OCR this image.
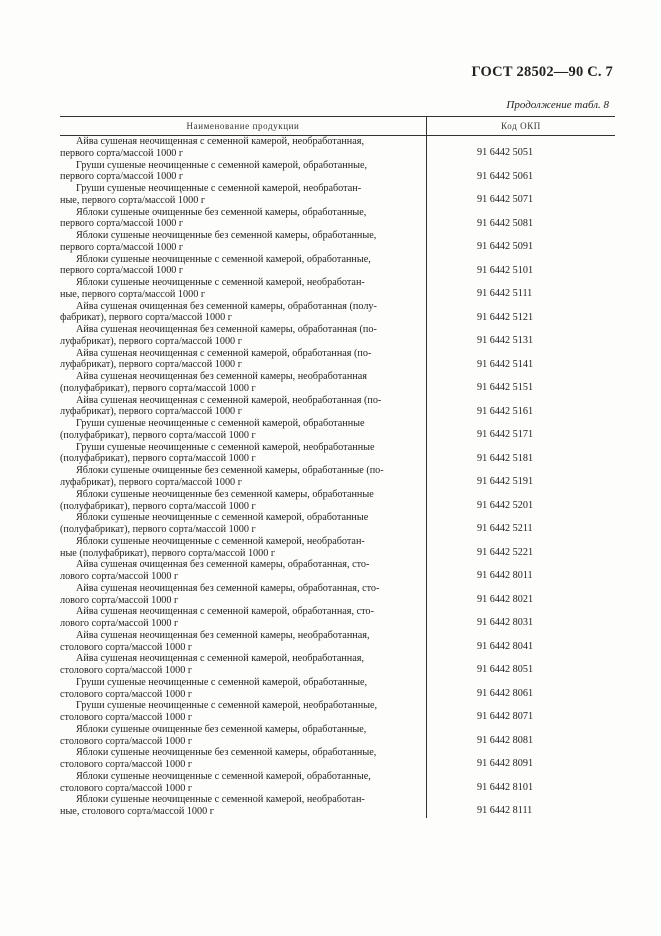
ГОСТ 28502—90 С. 7
Продолжение табл. 8
Наименование продукции	Код ОКП
Айва сушеная неочищенная с семенной камерой, необработанная,
первого сорта/массой 1000 г	91 6442 5051
Груши сушеные неочищенные с семенной камерой, обработанные,
первого сорта/массой 1000 г	91 6442 5061
Груши сушеные неочищенные с семенной камерой, необработан-
ные, первого сорта/массой 1000 г	91 6442 5071
Яблоки сушеные очищенные без семенной камеры, обработанные,
первого сорта/массой 1000 г	91 6442 5081
Яблоки сушеные неочищенные без семенной камеры, обработанные,
первого сорта/массой 1000 г	91 6442 5091
Яблоки сушеные неочищенные с семенной камерой, обработанные,
первого сорта/массой 1000 г	91 6442 5101
Яблоки сушеные неочищенные с семенной камерой, необработан-
ные, первого сорта/массой 1000 г	91 6442 5111
Айва сушеная очищенная без семенной камеры, обработанная (полу-
фабрикат), первого сорта/массой 1000 г	91 6442 5121
Айва сушеная неочищенная без семенной камеры, обработанная (по-
луфабрикат), первого сорта/массой 1000 г	91 6442 5131
Айва сушеная неочищенная с семенной камерой, обработанная (по-
луфабрикат), первого сорта/массой 1000 г	91 6442 5141
Айва сушеная неочищенная без семенной камеры, необработанная
(полуфабрикат), первого сорта/массой 1000 г	91 6442 5151
Айва сушеная неочищенная с семенной камерой, необработанная (по-
луфабрикат), первого сорта/массой 1000 г	91 6442 5161
Груши сушеные неочищенные с семенной камерой, обработанные
(полуфабрикат), первого сорта/массой 1000 г	91 6442 5171
Груши сушеные неочищенные с семенной камерой, необработанные
(полуфабрикат), первого сорта/массой 1000 г	91 6442 5181
Яблоки сушеные очищенные без семенной камеры, обработанные (по-
луфабрикат), первого сорта/массой 1000 г	91 6442 5191
Яблоки сушеные неочищенные без семенной камеры, обработанные
(полуфабрикат), первого сорта/массой 1000 г	91 6442 5201
Яблоки сушеные неочищенные с семенной камерой, обработанные
(полуфабрикат), первого сорта/массой 1000 г	91 6442 5211
Яблоки сушеные неочищенные с семенной камерой, необработан-
ные (полуфабрикат), первого сорта/массой 1000 г	91 6442 5221
Айва сушеная очищенная без семенной камеры, обработанная, сто-
лового сорта/массой 1000 г	91 6442 8011
Айва сушеная неочищенная без семенной камеры, обработанная, сто-
лового сорта/массой 1000 г	91 6442 8021
Айва сушеная неочищенная с семенной камерой, обработанная, сто-
лового сорта/массой 1000 г	91 6442 8031
Айва сушеная неочищенная без семенной камеры, необработанная,
столового сорта/массой 1000 г	91 6442 8041
Айва сушеная неочищенная с семенной камерой, необработанная,
столового сорта/массой 1000 г	91 6442 8051
Груши сушеные неочищенные с семенной камерой, обработанные,
столового сорта/массой 1000 г	91 6442 8061
Груши сушеные неочищенные с семенной камерой, необработанные,
столового сорта/массой 1000 г	91 6442 8071
Яблоки сушеные очищенные без семенной камеры, обработанные,
столового сорта/массой 1000 г	91 6442 8081
Яблоки сушеные неочищенные без семенной камеры, обработанные,
столового сорта/массой 1000 г	91 6442 8091
Яблоки сушеные неочищенные с семенной камерой, обработанные,
столового сорта/массой 1000 г	91 6442 8101
Яблоки сушеные неочищенные с семенной камерой, необработан-
ные, столового сорта/массой 1000 г	91 6442 8111
